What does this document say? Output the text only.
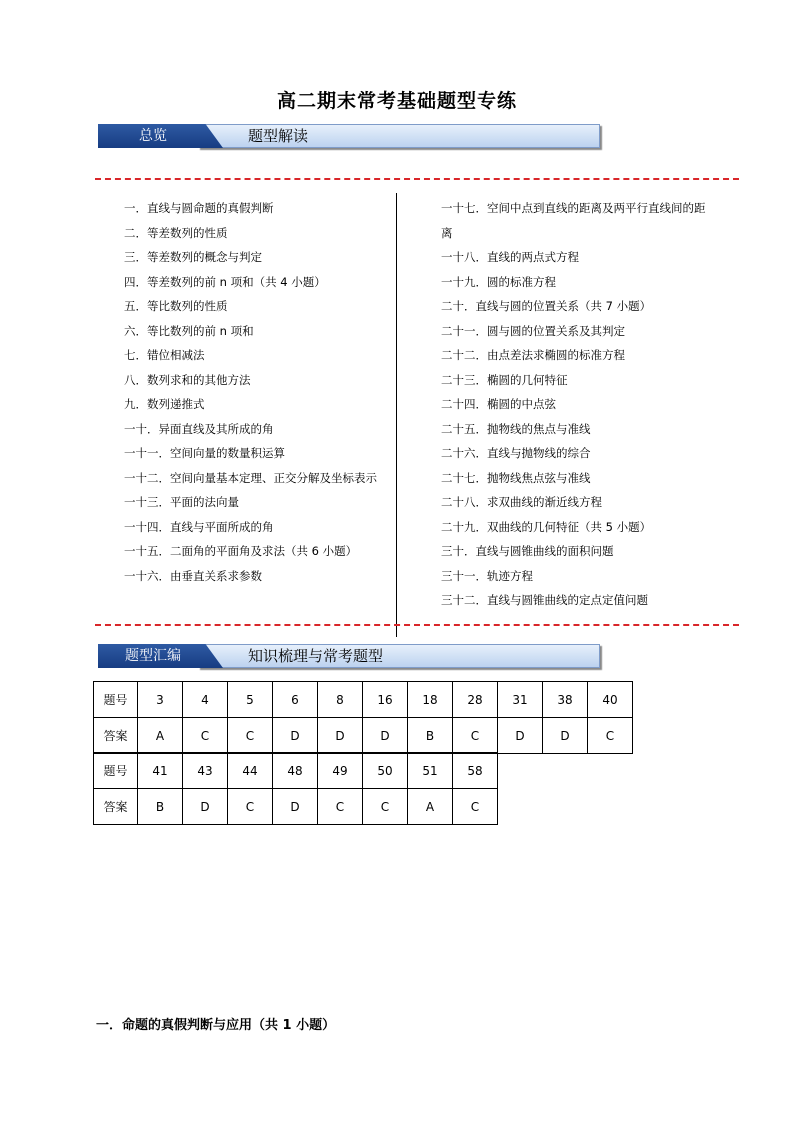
高二期末常考基础题型专练
总览	题型解读
一．直线与圆命题的真假判断
二．等差数列的性质
三．等差数列的概念与判定
四．等差数列的前 n 项和（共 4 小题）
五．等比数列的性质
六．等比数列的前 n 项和
七．错位相减法
八．数列求和的其他方法
九．数列递推式
一十．异面直线及其所成的角
一十一．空间向量的数量积运算
一十二．空间向量基本定理、正交分解及坐标表示
一十三．平面的法向量
一十四．直线与平面所成的角
一十五．二面角的平面角及求法（共 6 小题）
一十六．由垂直关系求参数
一十七．空间中点到直线的距离及两平行直线间的距离
一十八．直线的两点式方程
一十九．圆的标准方程
二十．直线与圆的位置关系（共 7 小题）
二十一．圆与圆的位置关系及其判定
二十二．由点差法求椭圆的标准方程
二十三．椭圆的几何特征
二十四．椭圆的中点弦
二十五．抛物线的焦点与准线
二十六．直线与抛物线的综合
二十七．抛物线焦点弦与准线
二十八．求双曲线的渐近线方程
二十九．双曲线的几何特征（共 5 小题）
三十．直线与圆锥曲线的面积问题
三十一．轨迹方程
三十二．直线与圆锥曲线的定点定值问题
题型汇编	知识梳理与常考题型
题号	3	4	5	6	8	16	18	28	31	38	40
答案	A	C	C	D	D	D	B	C	D	D	C
题号	41	43	44	48	49	50	51	58
答案	B	D	C	D	C	C	A	C
一．命题的真假判断与应用（共 1 小题）
